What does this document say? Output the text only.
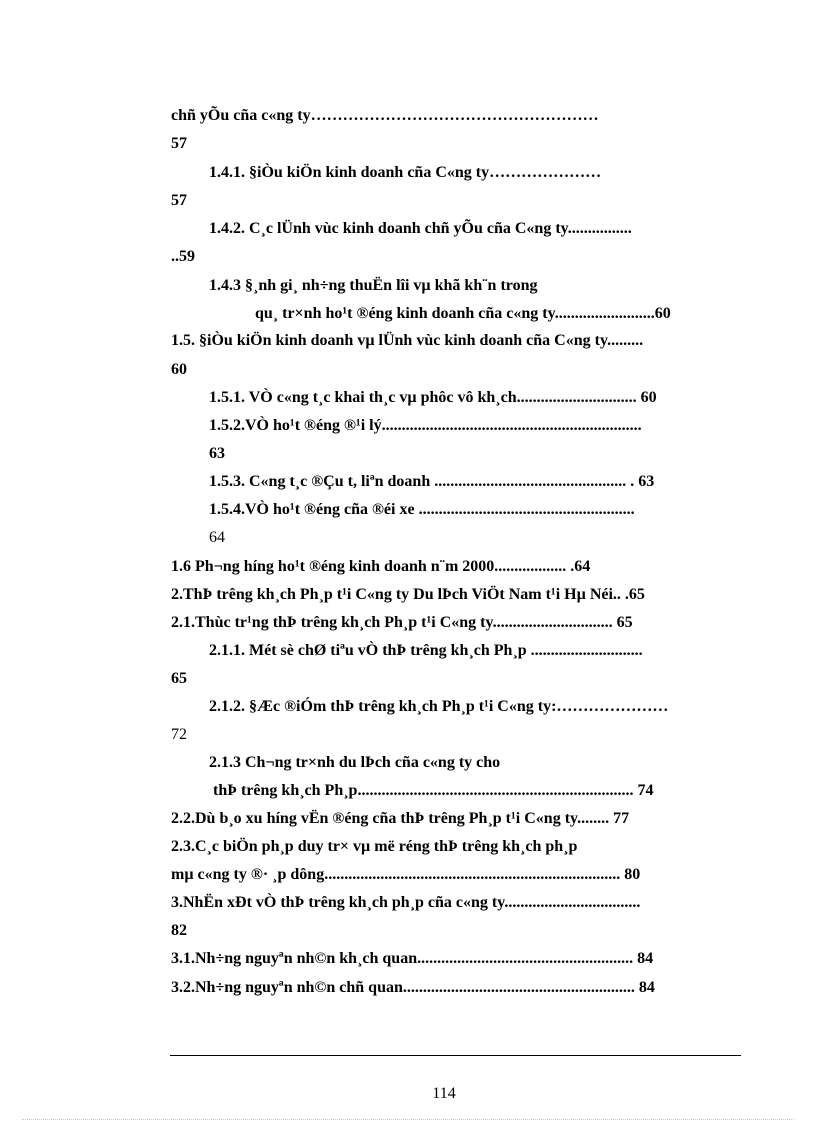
chñ yÕu cña c«ng ty………………………………………………
57
1.4.1. §iÒu kiÖn kinh doanh cña C«ng ty…………………
57
1.4.2. C¸c lÜnh vùc kinh doanh chñ yÕu cña C«ng ty................
..59
1.4.3 §¸nh gi¸ nh÷ng thuËn lîi vµ khã kh¨n trong
qu¸ tr×nh ho¹t ®éng kinh doanh cña c«ng ty.........................60
1.5. §iÒu kiÖn kinh doanh vµ lÜnh vùc kinh doanh cña C«ng ty.........
60
1.5.1. VÒ c«ng t¸c khai th¸c vµ phôc vô kh¸ch.............................. 60
1.5.2.VÒ ho¹t ®éng ®¹i lý.................................................................
63
1.5.3. C«ng t¸c ®Çu t, liªn doanh ................................................ . 63
1.5.4.VÒ ho¹t ®éng cña ®éi xe ......................................................
64
1.6 Ph¬ng híng ho¹t ®éng kinh doanh n¨m 2000.................. .64
2.ThÞ trêng kh¸ch Ph¸p t¹i C«ng ty Du lÞch ViÖt Nam t¹i Hµ Néi.. .65
2.1.Thùc tr¹ng thÞ trêng kh¸ch Ph¸p t¹i C«ng ty.............................. 65
2.1.1. Mét sè chØ tiªu vÒ thÞ trêng kh¸ch Ph¸p ............................
65
2.1.2. §Æc ®iÓm thÞ trêng kh¸ch Ph¸p t¹i C«ng ty:…………………
72
2.1.3 Ch¬ng tr×nh du lÞch cña c«ng ty cho
thÞ trêng kh¸ch Ph¸p..................................................................... 74
2.2.Dù b¸o xu híng vËn ®éng cña thÞ trêng Ph¸p t¹i C«ng ty........ 77
2.3.C¸c biÖn ph¸p duy tr× vµ më réng thÞ trêng kh¸ch ph¸p
mµ c«ng ty ®· ¸p dông.......................................................................... 80
3.NhËn xÐt vÒ thÞ trêng kh¸ch ph¸p cña c«ng ty..................................
82
3.1.Nh÷ng nguyªn nh©n kh¸ch quan...................................................... 84
3.2.Nh÷ng nguyªn nh©n chñ quan.......................................................... 84
114
